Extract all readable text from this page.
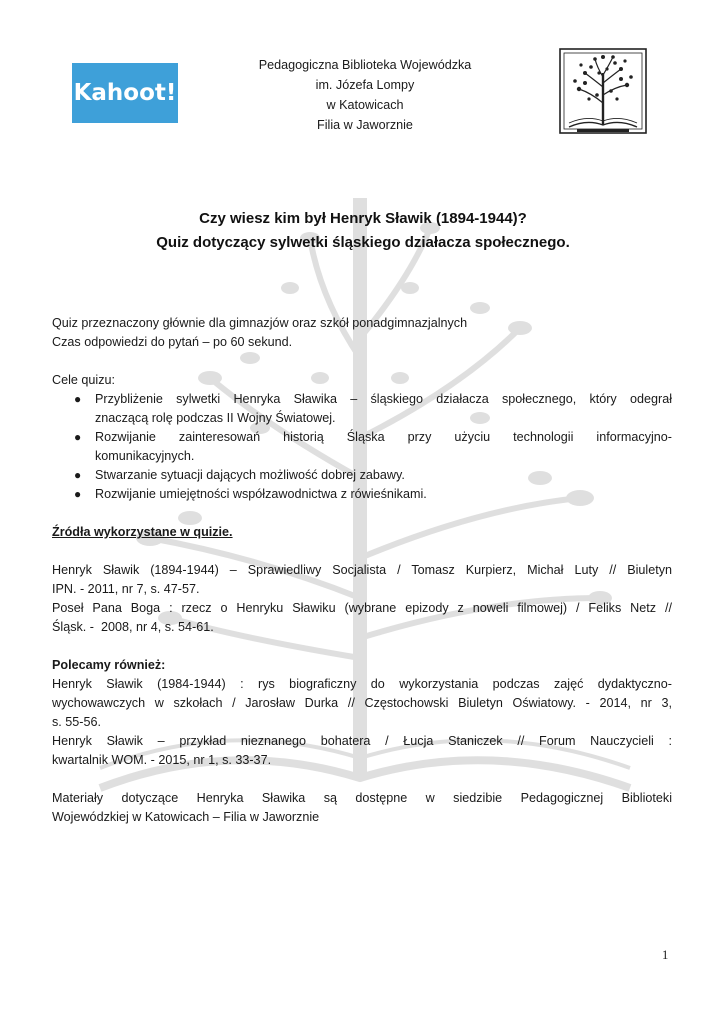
Kahoot!
Pedagogiczna Biblioteka Wojewódzka
im. Józefa Lompy
w Katowicach
Filia w Jaworznie
Czy wiesz kim był Henryk Sławik (1894-1944)?
Quiz dotyczący sylwetki śląskiego działacza społecznego.
Quiz przeznaczony głównie dla gimnazjów oraz szkół ponadgimnazjalnych
Czas odpowiedzi do pytań – po 60 sekund.
Cele quizu:
● Przybliżenie sylwetki Henryka Sławika – śląskiego działacza społecznego, który odegrał
znaczącą rolę podczas II Wojny Światowej.
● Rozwijanie zainteresowań historią Śląska przy użyciu technologii informacyjno-
komunikacyjnych.
● Stwarzanie sytuacji dających możliwość dobrej zabawy.
● Rozwijanie umiejętności współzawodnictwa z rówieśnikami.
Źródła wykorzystane w quizie.
Henryk Sławik (1894-1944) – Sprawiedliwy Socjalista / Tomasz Kurpierz, Michał Luty // Biuletyn
IPN. - 2011, nr 7, s. 47-57.
Poseł Pana Boga : rzecz o Henryku Sławiku (wybrane epizody z noweli filmowej) / Feliks Netz //
Śląsk. -  2008, nr 4, s. 54-61.
Polecamy również:
Henryk Sławik (1984-1944) : rys biograficzny do wykorzystania podczas zajęć dydaktyczno-
wychowawczych w szkołach / Jarosław Durka // Częstochowski Biuletyn Oświatowy. - 2014, nr 3,
s. 55-56.
Henryk Sławik – przykład nieznanego bohatera / Łucja Staniczek // Forum Nauczycieli :
kwartalnik WOM. - 2015, nr 1, s. 33-37.
Materiały dotyczące Henryka Sławika są dostępne w siedzibie Pedagogicznej Biblioteki
Wojewódzkiej w Katowicach – Filia w Jaworznie
1
